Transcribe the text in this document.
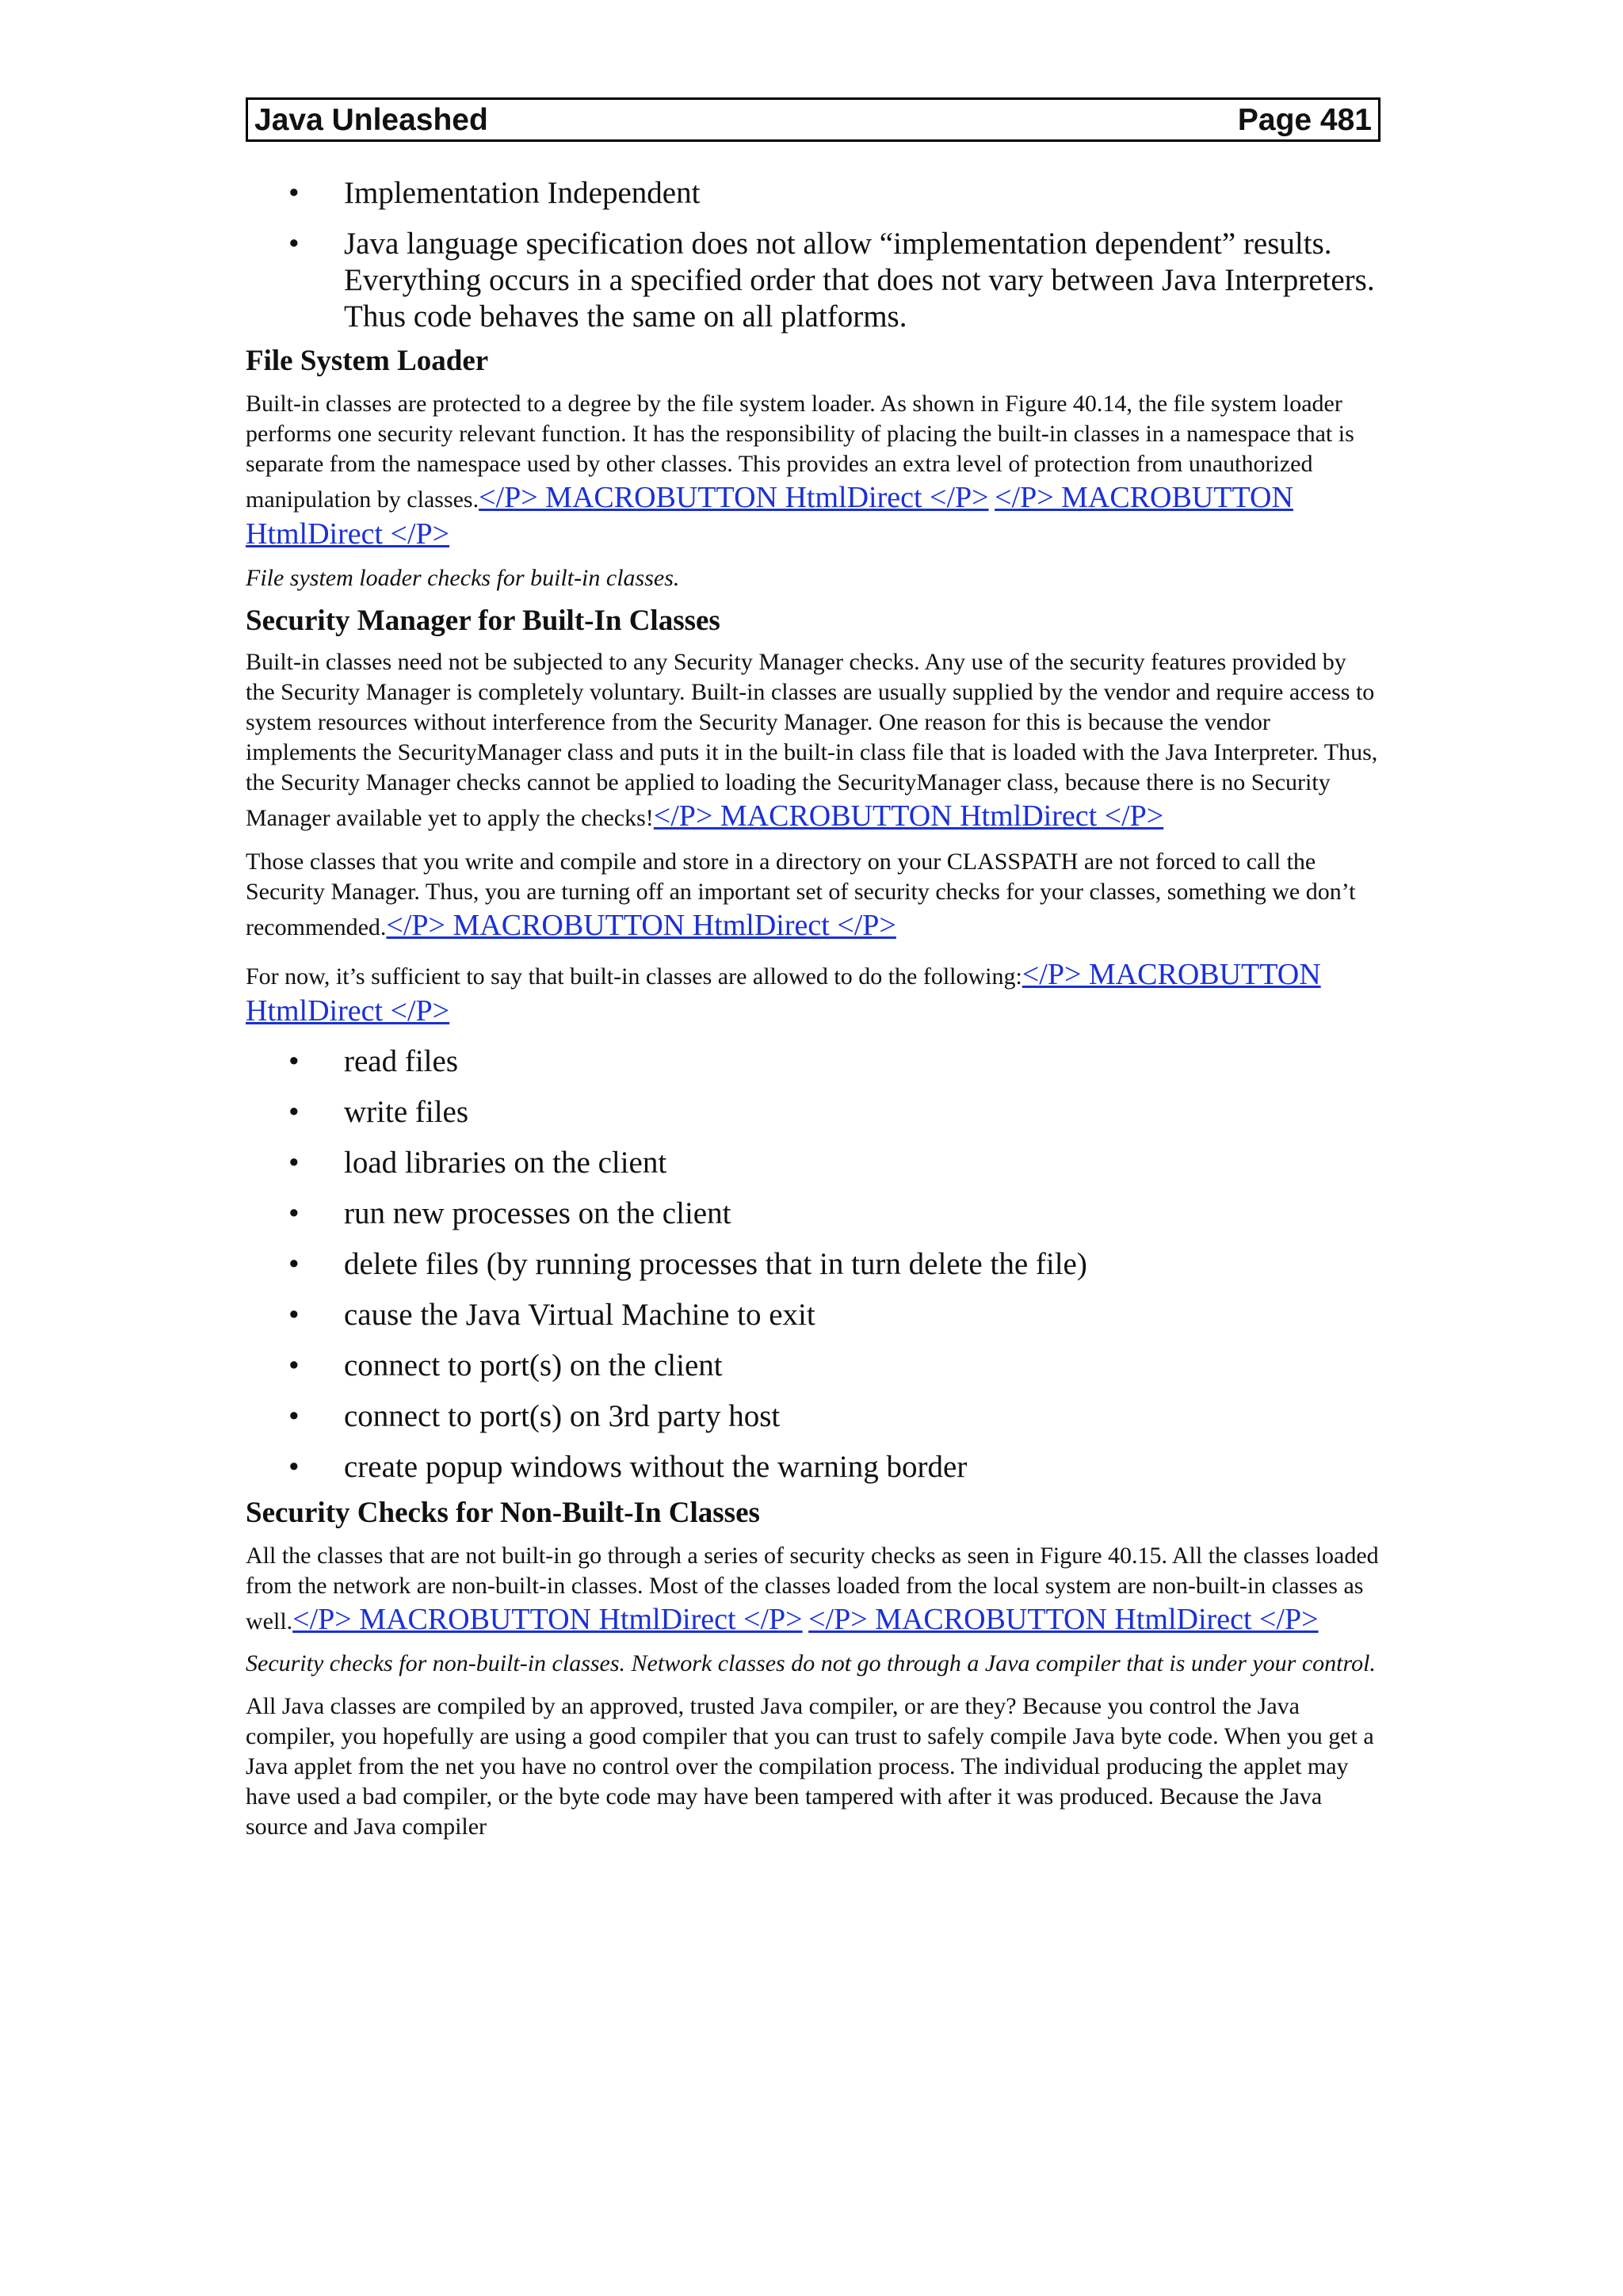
Java Unleashed	Page 481
• Implementation Independent
• Java language specification does not allow “implementation dependent” results. Everything occurs in a specified order that does not vary between Java Interpreters. Thus code behaves the same on all platforms.
File System Loader

Built-in classes are protected to a degree by the file system loader. As shown in Figure 40.14, the file system loader performs one security relevant function. It has the responsibility of placing the built-in classes in a namespace that is separate from the namespace used by other classes. This provides an extra level of protection from unauthorized manipulation by classes.</P> MACROBUTTON HtmlDirect </P> </P> MACROBUTTON HtmlDirect </P>

File system loader checks for built-in classes.

Security Manager for Built-In Classes

Built-in classes need not be subjected to any Security Manager checks. Any use of the security features provided by the Security Manager is completely voluntary. Built-in classes are usually supplied by the vendor and require access to system resources without interference from the Security Manager. One reason for this is because the vendor implements the SecurityManager class and puts it in the built-in class file that is loaded with the Java Interpreter. Thus, the Security Manager checks cannot be applied to loading the SecurityManager class, because there is no Security Manager available yet to apply the checks!</P> MACROBUTTON HtmlDirect </P>

Those classes that you write and compile and store in a directory on your CLASSPATH are not forced to call the Security Manager. Thus, you are turning off an important set of security checks for your classes, something we don’t recommended.</P> MACROBUTTON HtmlDirect </P>

For now, it’s sufficient to say that built-in classes are allowed to do the following:</P> MACROBUTTON HtmlDirect </P>

• read files
• write files
• load libraries on the client
• run new processes on the client
• delete files (by running processes that in turn delete the file)
• cause the Java Virtual Machine to exit
• connect to port(s) on the client
• connect to port(s) on 3rd party host
• create popup windows without the warning border
Security Checks for Non-Built-In Classes

All the classes that are not built-in go through a series of security checks as seen in Figure 40.15. All the classes loaded from the network are non-built-in classes. Most of the classes loaded from the local system are non-built-in classes as well.</P> MACROBUTTON HtmlDirect </P> </P> MACROBUTTON HtmlDirect </P>

Security checks for non-built-in classes. Network classes do not go through a Java compiler that is under your control.

All Java classes are compiled by an approved, trusted Java compiler, or are they? Because you control the Java compiler, you hopefully are using a good compiler that you can trust to safely compile Java byte code. When you get a Java applet from the net you have no control over the compilation process. The individual producing the applet may have used a bad compiler, or the byte code may have been tampered with after it was produced. Because the Java source and Java compiler
